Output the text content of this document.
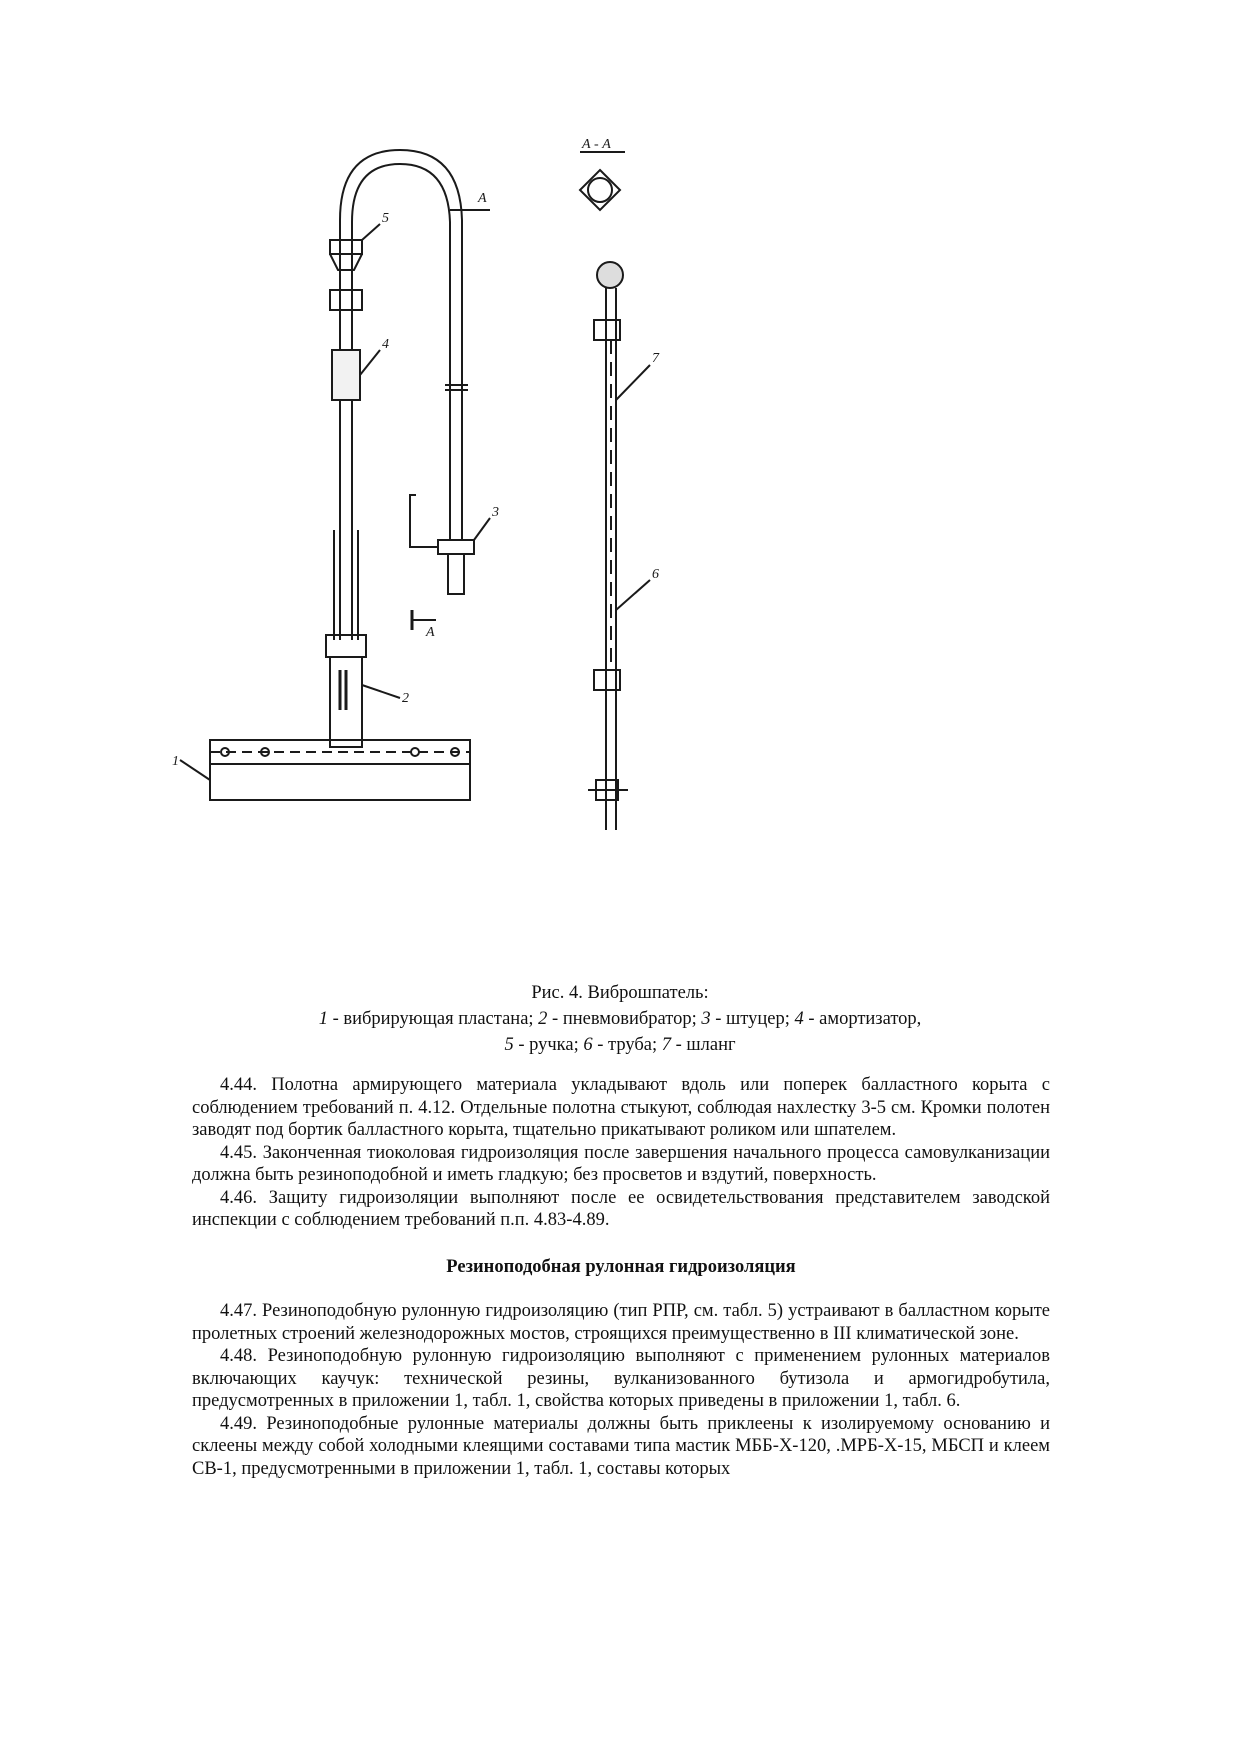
5
4
3
2
1
7
6
А
А
А - А
Рис. 4. Виброшпатель:
1 - вибрирующая пластана; 2 - пневмовибратор; 3 - штуцер; 4 - амортизатор,
5 - ручка; 6 - труба; 7 - шланг

4.44. Полотна армирующего материала укладывают вдоль или поперек балластного корыта с соблюдением требований п. 4.12. Отдельные полотна стыкуют, соблюдая нахлестку 3-5 см. Кромки полотен заводят под бортик балластного корыта, тщательно прикатывают роликом или шпателем.

4.45. Законченная тиоколовая гидроизоляция после завершения начального процесса самовулканизации должна быть резиноподобной и иметь гладкую; без просветов и вздутий, поверхность.

4.46. Защиту гидроизоляции выполняют после ее освидетельствования представителем заводской инспекции с соблюдением требований п.п. 4.83-4.89.

Резиноподобная рулонная гидроизоляция

4.47. Резиноподобную рулонную гидроизоляцию (тип РПР, см. табл. 5) устраивают в балластном корыте пролетных строений железнодорожных мостов, строящихся преимущественно в III климатической зоне.

4.48. Резиноподобную рулонную гидроизоляцию выполняют с применением рулонных материалов включающих каучук: технической резины, вулканизованного бутизола и армогидробутила, предусмотренных в приложении 1, табл. 1, свойства которых приведены в приложении 1, табл. 6.

4.49. Резиноподобные рулонные материалы должны быть приклеены к изолируемому основанию и склеены между собой холодными клеящими составами типа мастик МББ-Х-120, .МРБ-Х-15, МБСП и клеем СВ-1, предусмотренными в приложении 1, табл. 1, составы которых
